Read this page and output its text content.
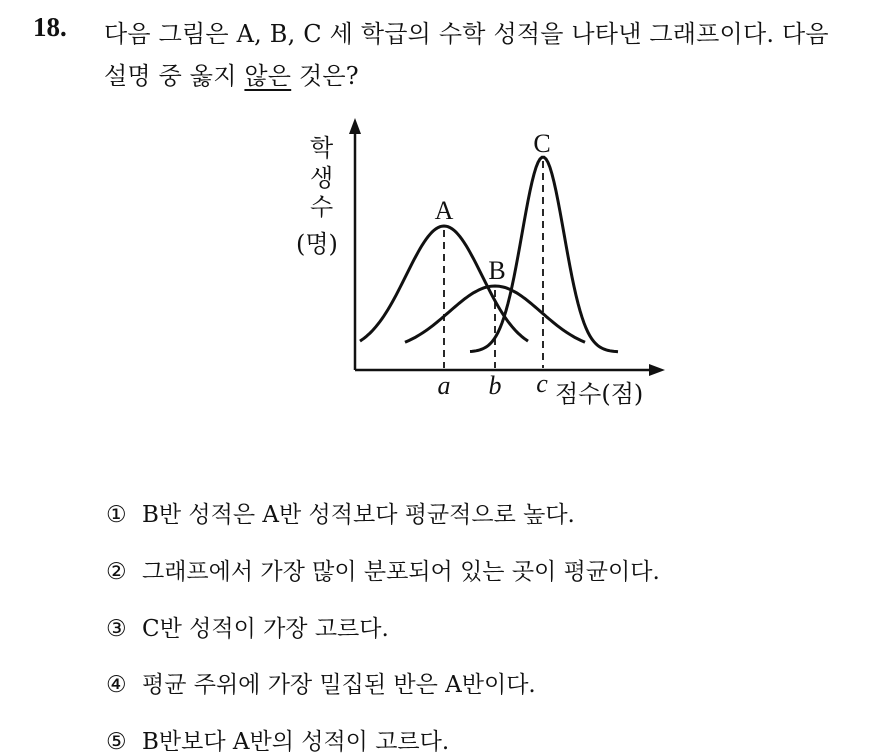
18. 다음 그림은 A, B, C 세 학급의 수학 성적을 나타낸 그래프이다. 다음
설명 중 옳지 않은 것은?
학
생
수
(명)
A
B
C
a b c 점수(점)
① B반 성적은 A반 성적보다 평균적으로 높다.
② 그래프에서 가장 많이 분포되어 있는 곳이 평균이다.
③ C반 성적이 가장 고르다.
④ 평균 주위에 가장 밀집된 반은 A반이다.
⑤ B반보다 A반의 성적이 고르다.
